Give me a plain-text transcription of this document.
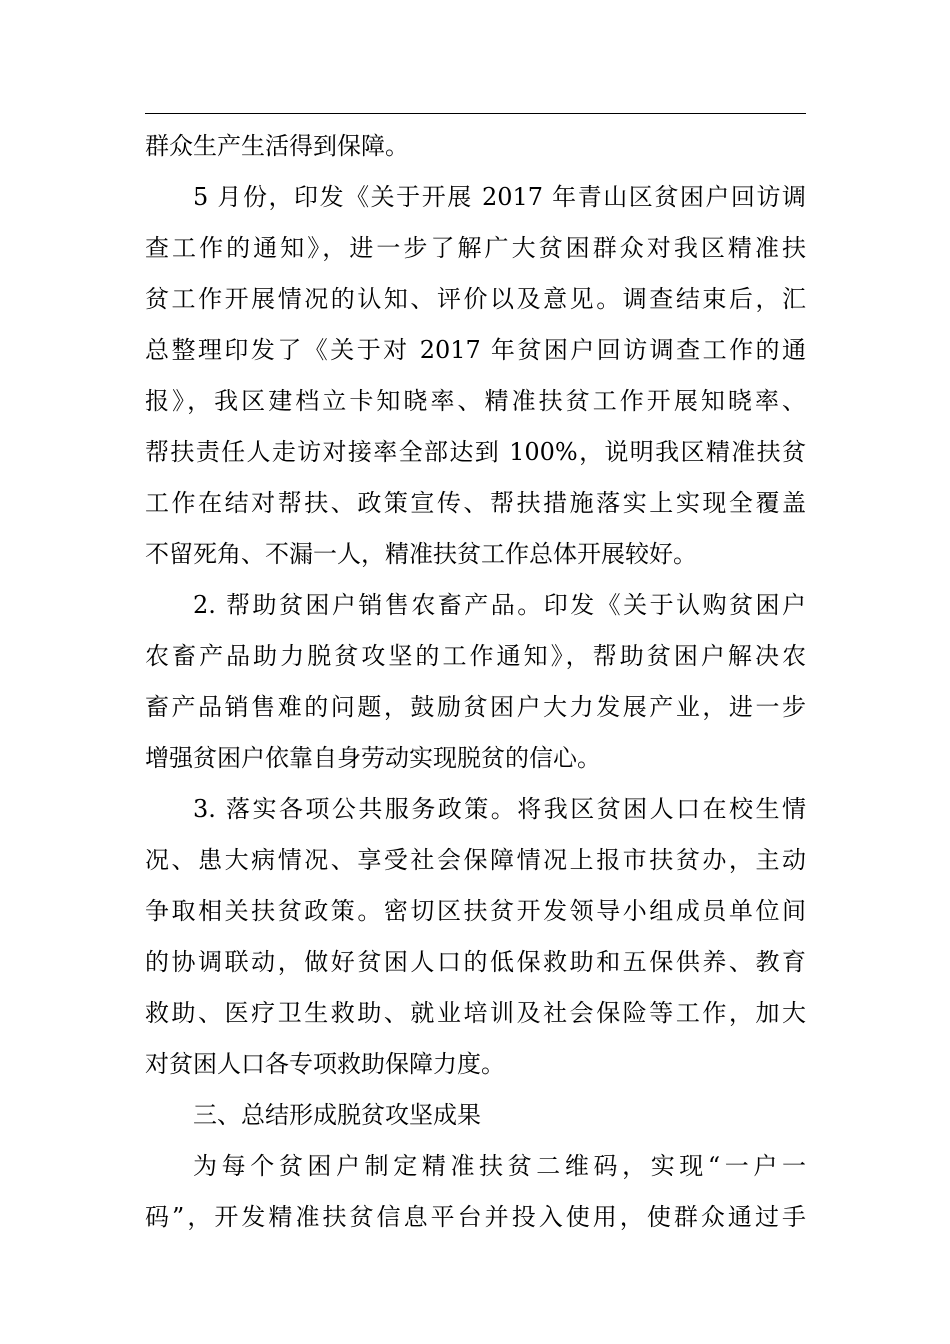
群众生产生活得到保障。
5 月份，印发《关于开展 2017 年青山区贫困户回访调
查工作的通知》，进一步了解广大贫困群众对我区精准扶
贫工作开展情况的认知、评价以及意见。调查结束后，汇
总整理印发了《关于对 2017 年贫困户回访调查工作的通
报》，我区建档立卡知晓率、精准扶贫工作开展知晓率、
帮扶责任人走访对接率全部达到 100%，说明我区精准扶贫
工作在结对帮扶、政策宣传、帮扶措施落实上实现全覆盖
不留死角、不漏一人，精准扶贫工作总体开展较好。
2. 帮助贫困户销售农畜产品。印发《关于认购贫困户
农畜产品助力脱贫攻坚的工作通知》，帮助贫困户解决农
畜产品销售难的问题，鼓励贫困户大力发展产业，进一步
增强贫困户依靠自身劳动实现脱贫的信心。
3. 落实各项公共服务政策。将我区贫困人口在校生情
况、患大病情况、享受社会保障情况上报市扶贫办，主动
争取相关扶贫政策。密切区扶贫开发领导小组成员单位间
的协调联动，做好贫困人口的低保救助和五保供养、教育
救助、医疗卫生救助、就业培训及社会保险等工作，加大
对贫困人口各专项救助保障力度。
三、总结形成脱贫攻坚成果
为每个贫困户制定精准扶贫二维码，实现“一户一
码”，开发精准扶贫信息平台并投入使用，使群众通过手
